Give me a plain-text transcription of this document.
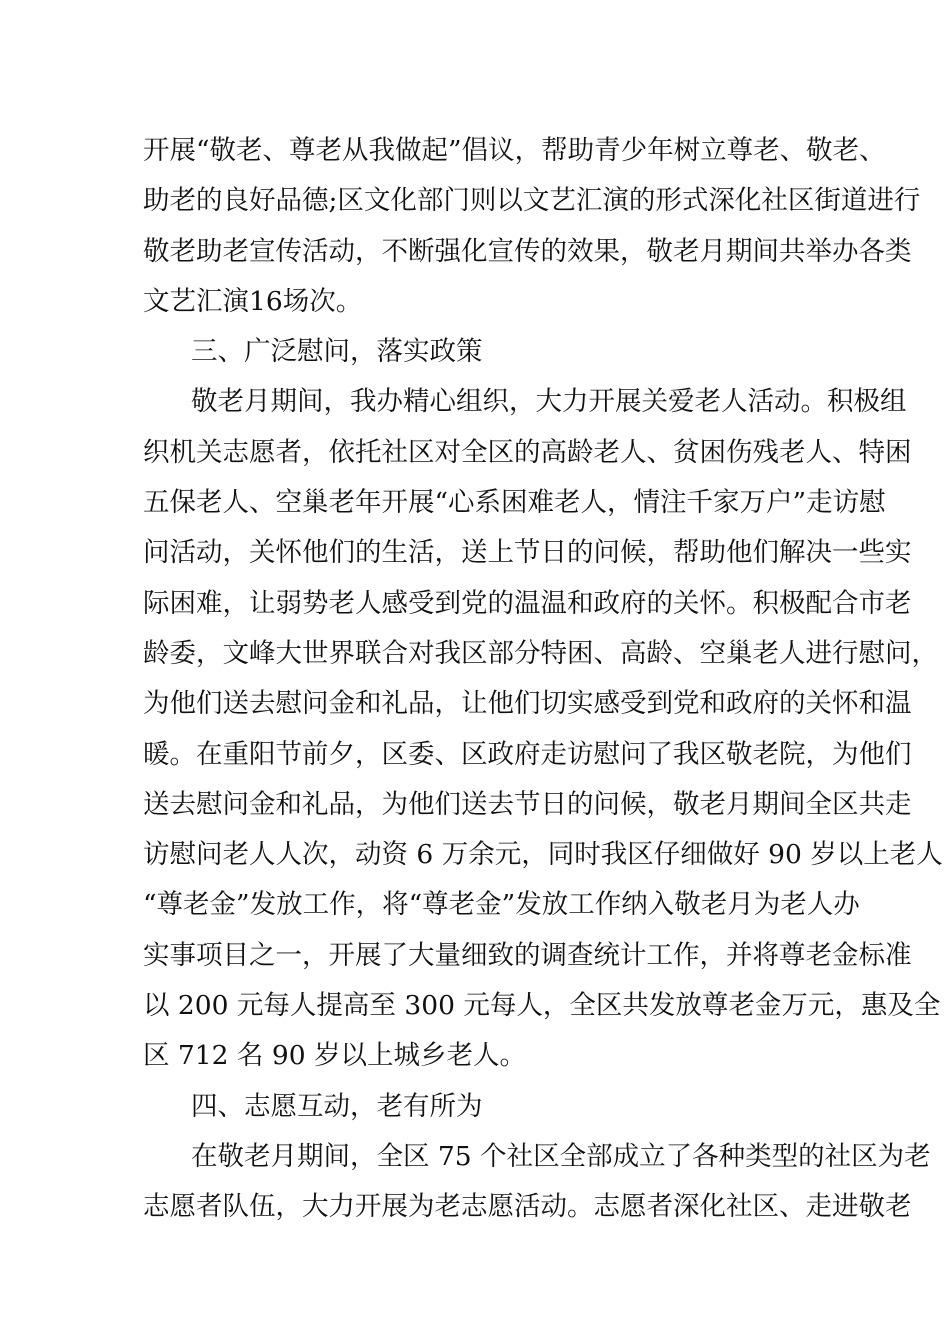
开展“敬老、尊老从我做起”倡议，帮助青少年树立尊老、敬老、
助老的良好品德;区文化部门则以文艺汇演的形式深化社区街道进行
敬老助老宣传活动，不断强化宣传的效果，敬老月期间共举办各类
文艺汇演16场次。
三、广泛慰问，落实政策
敬老月期间，我办精心组织，大力开展关爱老人活动。积极组
织机关志愿者，依托社区对全区的高龄老人、贫困伤残老人、特困
五保老人、空巢老年开展“心系困难老人，情注千家万户”走访慰
问活动，关怀他们的生活，送上节日的问候，帮助他们解决一些实
际困难，让弱势老人感受到党的温温和政府的关怀。积极配合市老
龄委，文峰大世界联合对我区部分特困、高龄、空巢老人进行慰问，
为他们送去慰问金和礼品，让他们切实感受到党和政府的关怀和温
暖。在重阳节前夕，区委、区政府走访慰问了我区敬老院，为他们
送去慰问金和礼品，为他们送去节日的问候，敬老月期间全区共走
访慰问老人人次，动资 6 万余元，同时我区仔细做好 90 岁以上老人
“尊老金”发放工作，将“尊老金”发放工作纳入敬老月为老人办
实事项目之一，开展了大量细致的调查统计工作，并将尊老金标准
以 200 元每人提高至 300 元每人，全区共发放尊老金万元，惠及全
区 712 名 90 岁以上城乡老人。
四、志愿互动，老有所为
在敬老月期间，全区 75 个社区全部成立了各种类型的社区为老
志愿者队伍，大力开展为老志愿活动。志愿者深化社区、走进敬老
